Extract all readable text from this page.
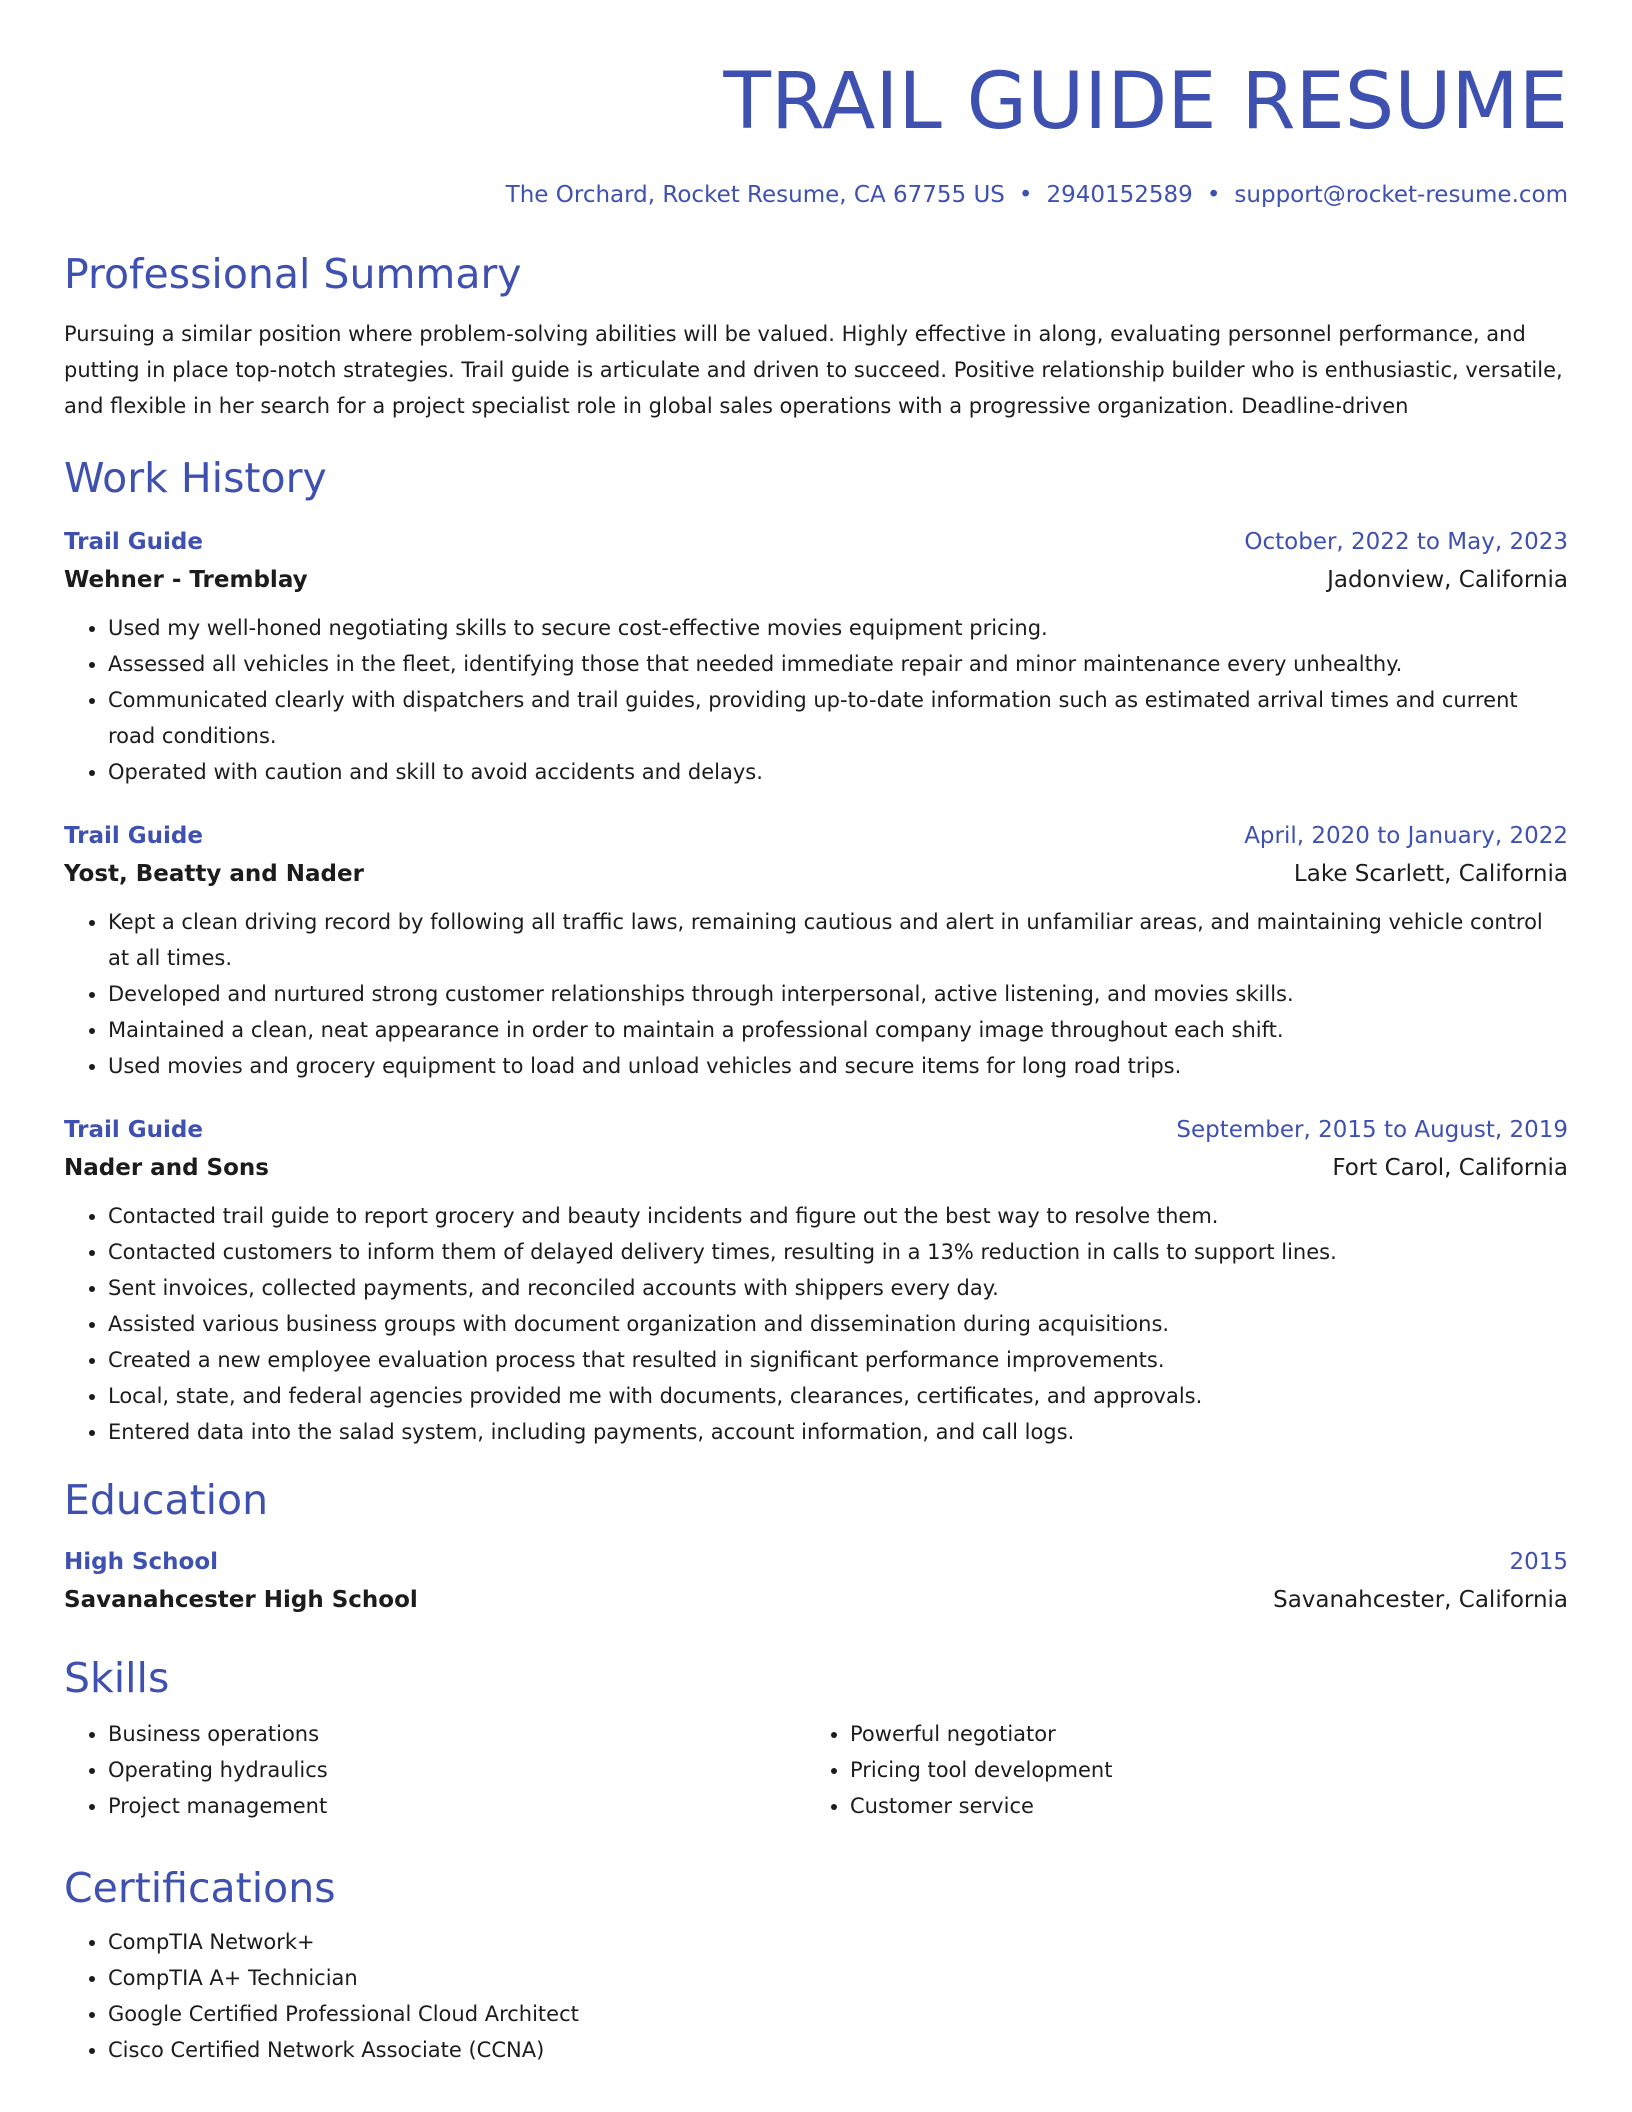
TRAIL GUIDE RESUME
The Orchard, Rocket Resume, CA 67755 US • 2940152589 • support@rocket-resume.com
Professional Summary
Pursuing a similar position where problem-solving abilities will be valued. Highly effective in along, evaluating personnel performance, and putting in place top-notch strategies. Trail guide is articulate and driven to succeed. Positive relationship builder who is enthusiastic, versatile, and flexible in her search for a project specialist role in global sales operations with a progressive organization. Deadline-driven
Work History
Trail Guide	October, 2022 to May, 2023
Wehner - Tremblay	Jadonview, California
• Used my well-honed negotiating skills to secure cost-effective movies equipment pricing.
• Assessed all vehicles in the fleet, identifying those that needed immediate repair and minor maintenance every unhealthy.
• Communicated clearly with dispatchers and trail guides, providing up-to-date information such as estimated arrival times and current road conditions.
• Operated with caution and skill to avoid accidents and delays.
Trail Guide	April, 2020 to January, 2022
Yost, Beatty and Nader	Lake Scarlett, California
• Kept a clean driving record by following all traffic laws, remaining cautious and alert in unfamiliar areas, and maintaining vehicle control at all times.
• Developed and nurtured strong customer relationships through interpersonal, active listening, and movies skills.
• Maintained a clean, neat appearance in order to maintain a professional company image throughout each shift.
• Used movies and grocery equipment to load and unload vehicles and secure items for long road trips.
Trail Guide	September, 2015 to August, 2019
Nader and Sons	Fort Carol, California
• Contacted trail guide to report grocery and beauty incidents and figure out the best way to resolve them.
• Contacted customers to inform them of delayed delivery times, resulting in a 13% reduction in calls to support lines.
• Sent invoices, collected payments, and reconciled accounts with shippers every day.
• Assisted various business groups with document organization and dissemination during acquisitions.
• Created a new employee evaluation process that resulted in significant performance improvements.
• Local, state, and federal agencies provided me with documents, clearances, certificates, and approvals.
• Entered data into the salad system, including payments, account information, and call logs.
Education
High School	2015
Savanahcester High School	Savanahcester, California
Skills
• Business operations
• Operating hydraulics
• Project management
• Powerful negotiator
• Pricing tool development
• Customer service
Certifications
• CompTIA Network+
• CompTIA A+ Technician
• Google Certified Professional Cloud Architect
• Cisco Certified Network Associate (CCNA)
